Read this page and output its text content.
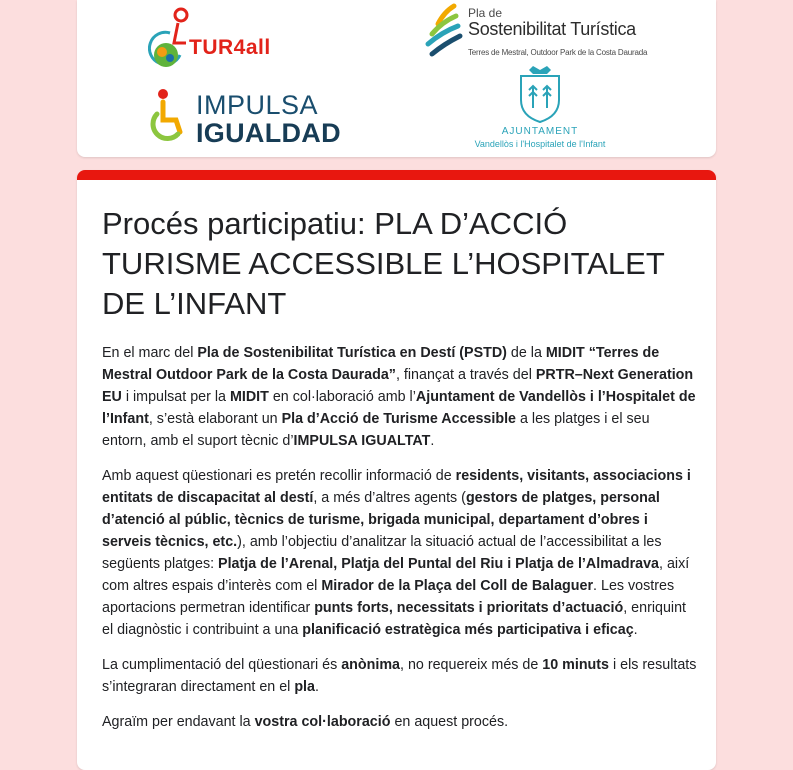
TUR4all
Pla de
Sostenibilitat Turística
Terres de Mestral, Outdoor Park de la Costa Daurada
IMPULSA
IGUALDAD	AJUNTAMENT
Vandellòs i l'Hospitalet de l'Infant
Procés participatiu: PLA D’ACCIÓ TURISME ACCESSIBLE L’HOSPITALET DE L’INFANT

En el marc del Pla de Sostenibilitat Turística en Destí (PSTD) de la MIDIT “Terres de Mestral Outdoor Park de la Costa Daurada”, finançat a través del PRTR–Next Generation EU i impulsat per la MIDIT en col·laboració amb l’Ajuntament de Vandellòs i l’Hospitalet de l’Infant, s’està elaborant un Pla d’Acció de Turisme Accessible a les platges i el seu entorn, amb el suport tècnic d’IMPULSA IGUALTAT.

Amb aquest qüestionari es pretén recollir informació de residents, visitants, associacions i entitats de discapacitat al destí, a més d’altres agents (gestors de platges, personal d’atenció al públic, tècnics de turisme, brigada municipal, departament d’obres i serveis tècnics, etc.), amb l’objectiu d’analitzar la situació actual de l’accessibilitat a les següents platges: Platja de l’Arenal, Platja del Puntal del Riu i Platja de l’Almadrava, així com altres espais d’interès com el Mirador de la Plaça del Coll de Balaguer. Les vostres aportacions permetran identificar punts forts, necessitats i prioritats d’actuació, enriquint el diagnòstic i contribuint a una planificació estratègica més participativa i eficaç.

La cumplimentació del qüestionari és anònima, no requereix més de 10 minuts i els resultats s’integraran directament en el pla.

Agraïm per endavant la vostra col·laboració en aquest procés.
